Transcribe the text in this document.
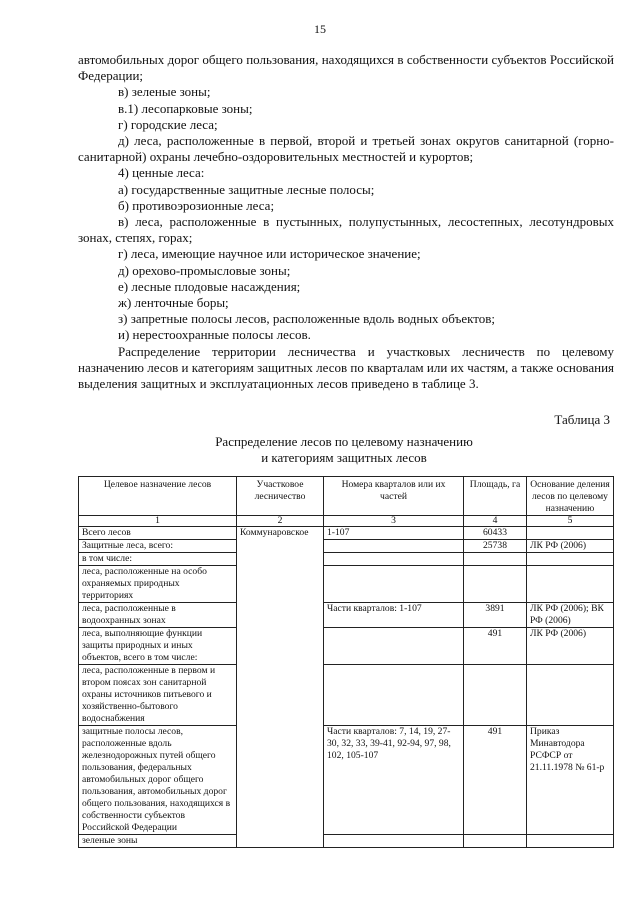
15

автомобильных дорог общего пользования, находящихся в собственности субъектов Российской Федерации;

в) зеленые зоны;

в.1) лесопарковые зоны;

г) городские леса;

д) леса, расположенные в первой, второй и третьей зонах округов санитарной (горно-санитарной) охраны лечебно-оздоровительных местностей и курортов;

4) ценные леса:

а) государственные защитные лесные полосы;

б) противоэрозионные леса;

в) леса, расположенные в пустынных, полупустынных, лесостепных, лесотундровых зонах, степях, горах;

г) леса, имеющие научное или историческое значение;

д) орехово-промысловые зоны;

е) лесные плодовые насаждения;

ж) ленточные боры;

з) запретные полосы лесов, расположенные вдоль водных объектов;

и) нерестоохранные полосы лесов.

Распределение территории лесничества и участковых лесничеств по целевому назначению лесов и категориям защитных лесов по кварталам или их частям, а также основания выделения защитных и эксплуатационных лесов приведено в таблице 3.

Таблица 3
Распределение лесов по целевому назначению
и категориям защитных лесов
Целевое назначение лесов	Участковое лесничество	Номера кварталов или их частей	Площадь, га	Основание деления лесов по целевому назначению
1	2	3	4	5
Всего лесов	Коммунаровское	1-107	60433	
Защитные леса, всего:			25738	ЛК РФ (2006)
в том числе:				
леса, расположенные на особо охраняемых природных территориях				
леса, расположенные в водоохранных зонах		Части кварталов: 1-107	3891	ЛК РФ (2006); ВК РФ (2006)
леса, выполняющие функции защиты природных и иных объектов, всего в том числе:			491	ЛК РФ (2006)
леса, расположенные в первом и втором поясах зон санитарной охраны источников питьевого и хозяйственно-бытового водоснабжения				
защитные полосы лесов, расположенные вдоль железнодорожных путей общего пользования, федеральных автомобильных дорог общего пользования, автомобильных дорог общего пользования, находящихся в собственности субъектов Российской Федерации		Части кварталов: 7, 14, 19, 27-30, 32, 33, 39-41, 92-94, 97, 98, 102, 105-107	491	Приказ Минавтодора РСФСР от 21.11.1978 № 61-р
зеленые зоны				
